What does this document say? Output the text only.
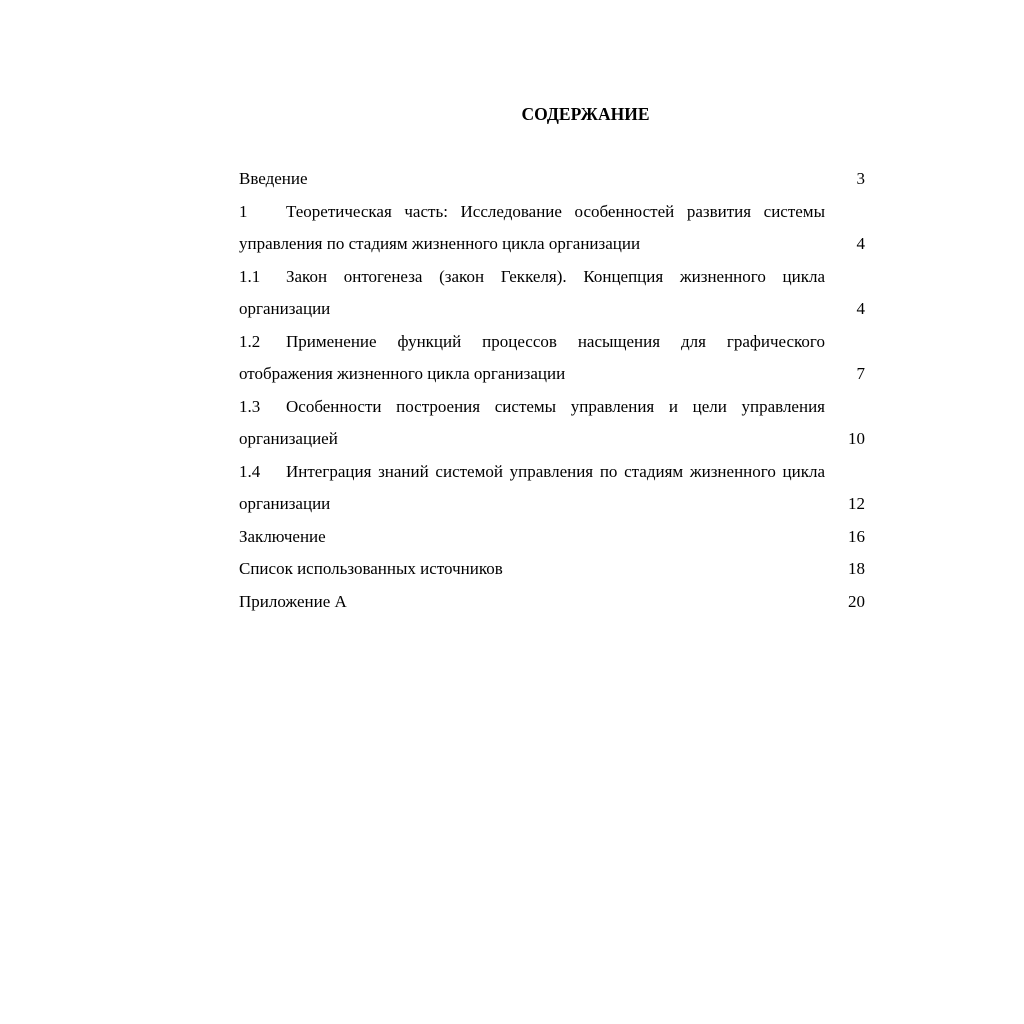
СОДЕРЖАНИЕ
Введение	3
1 Теоретическая часть: Исследование особенностей развития системы управления по стадиям жизненного цикла организации	4
1.1 Закон онтогенеза (закон Геккеля). Концепция жизненного цикла организации	4
1.2 Применение функций процессов насыщения для графического отображения жизненного цикла организации	7
1.3 Особенности построения системы управления и цели управления организацией	10
1.4 Интеграция знаний системой управления по стадиям жизненного цикла организации	12
Заключение	16
Список использованных источников	18
Приложение А	20
